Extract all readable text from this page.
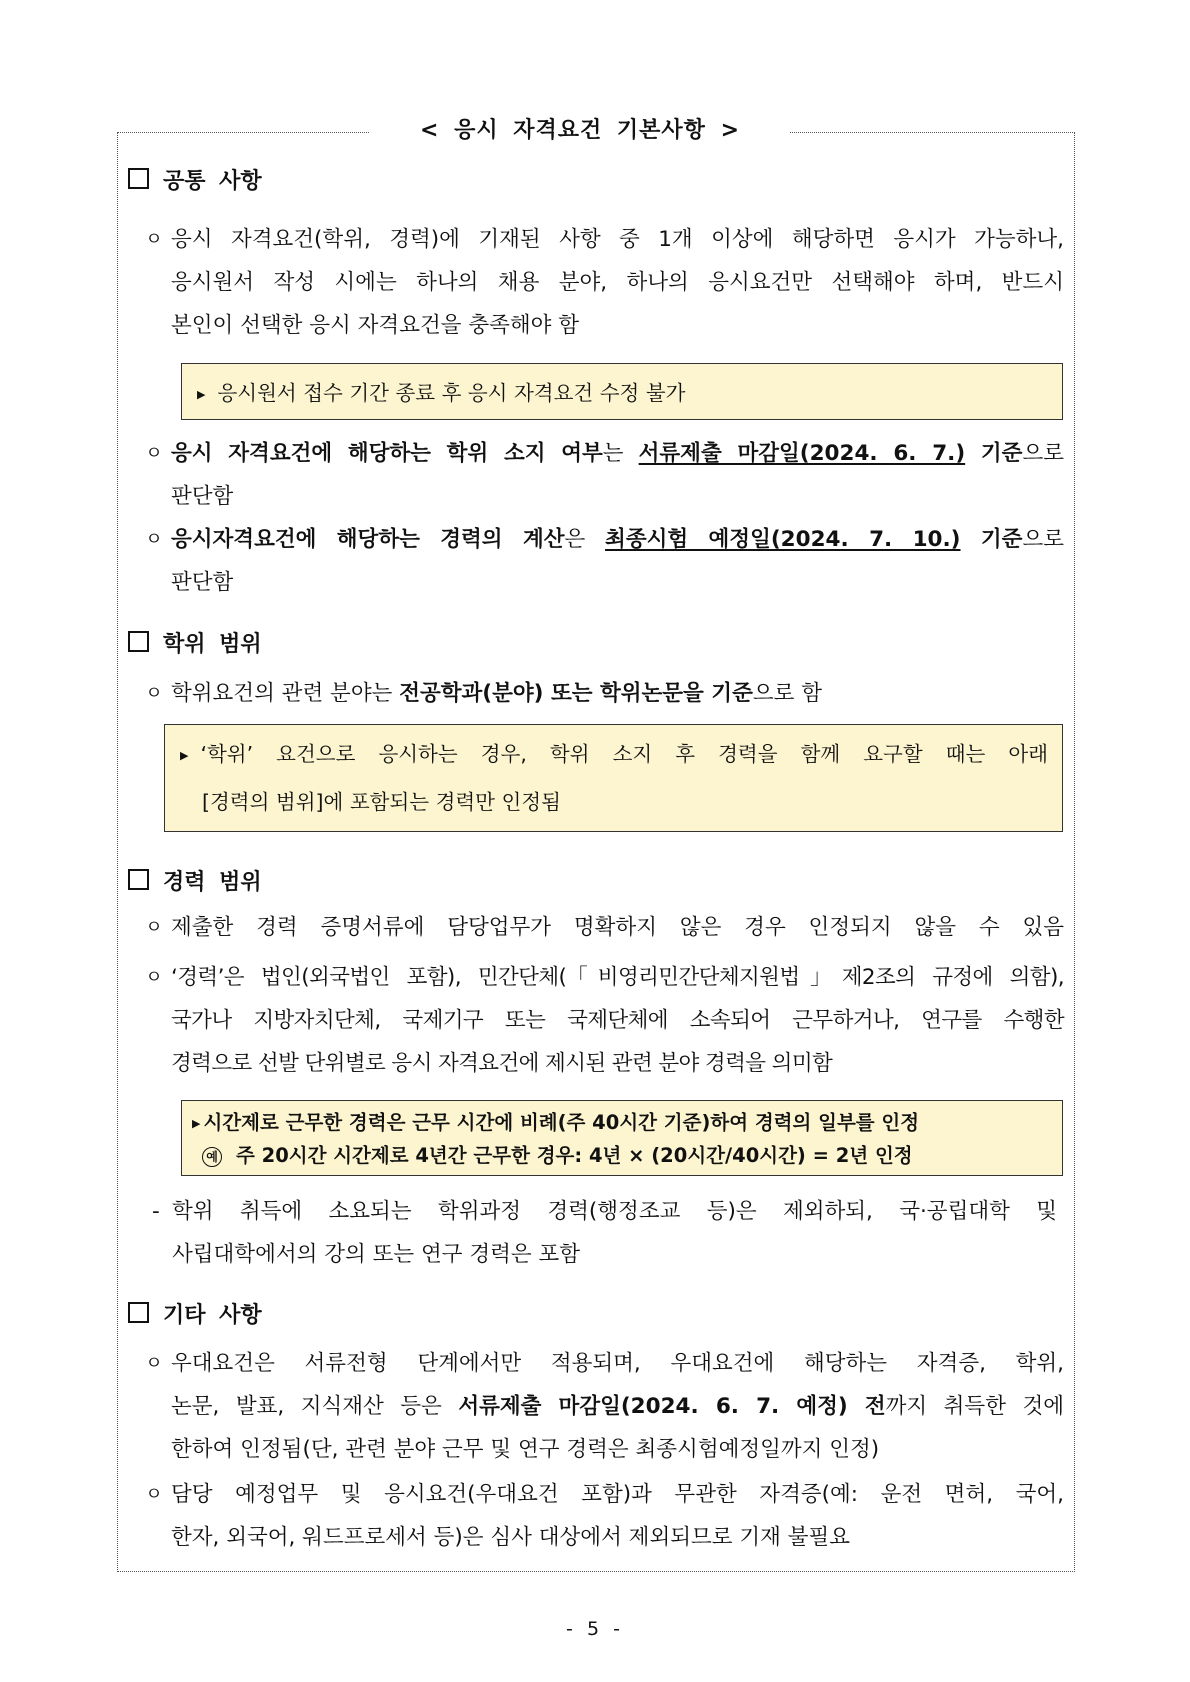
< 응시 자격요건 기본사항 >
공통 사항
ㅇ 응시 자격요건(학위, 경력)에 기재된 사항 중 1개 이상에 해당하면 응시가 가능하나,

응시원서 작성 시에는 하나의 채용 분야, 하나의 응시요건만 선택해야 하며, 반드시

본인이 선택한 응시 자격요건을 충족해야 함

▶ 응시원서 접수 기간 종료 후 응시 자격요건 수정 불가

ㅇ 응시 자격요건에 해당하는 학위 소지 여부는 서류제출 마감일(2024. 6. 7.) 기준으로

판단함

ㅇ 응시자격요건에 해당하는 경력의 계산은 최종시험 예정일(2024. 7. 10.) 기준으로

판단함

학위 범위
ㅇ 학위요건의 관련 분야는 전공학과(분야) 또는 학위논문을 기준으로 함

▶ ‘학위’ 요건으로 응시하는 경우, 학위 소지 후 경력을 함께 요구할 때는 아래

[경력의 범위]에 포함되는 경력만 인정됨

경력 범위
ㅇ 제출한 경력 증명서류에 담당업무가 명확하지 않은 경우 인정되지 않을 수 있음

ㅇ ‘경력’은 법인(외국법인 포함), 민간단체(「비영리민간단체지원법」제2조의 규정에 의함),

국가나 지방자치단체, 국제기구 또는 국제단체에 소속되어 근무하거나, 연구를 수행한

경력으로 선발 단위별로 응시 자격요건에 제시된 관련 분야 경력을 의미함

▶ 시간제로 근무한 경력은 근무 시간에 비례(주 40시간 기준)하여 경력의 일부를 인정

예 주 20시간 시간제로 4년간 근무한 경우: 4년 × (20시간/40시간) = 2년 인정

- 학위 취득에 소요되는 학위과정 경력(행정조교 등)은 제외하되, 국·공립대학 및

사립대학에서의 강의 또는 연구 경력은 포함

기타 사항
ㅇ 우대요건은 서류전형 단계에서만 적용되며, 우대요건에 해당하는 자격증, 학위,

논문, 발표, 지식재산 등은 서류제출 마감일(2024. 6. 7. 예정) 전까지 취득한 것에

한하여 인정됨(단, 관련 분야 근무 및 연구 경력은 최종시험예정일까지 인정)

ㅇ 담당 예정업무 및 응시요건(우대요건 포함)과 무관한 자격증(예: 운전 면허, 국어,

한자, 외국어, 워드프로세서 등)은 심사 대상에서 제외되므로 기재 불필요

- 5 -
